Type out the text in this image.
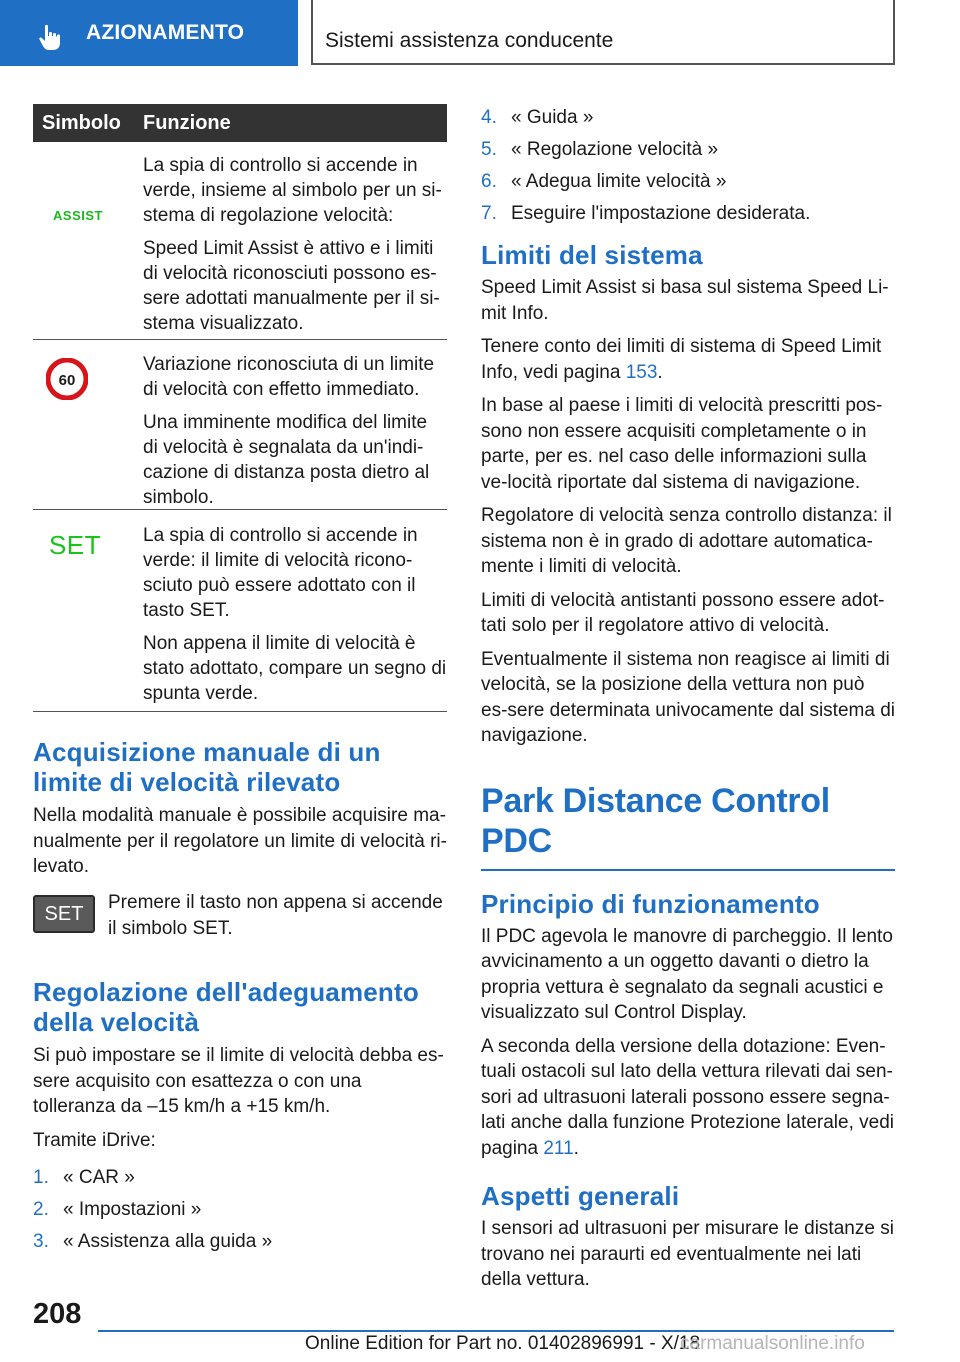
AZIONAMENTO	Sistemi assistenza conducente
Simbolo Funzione
ASSIST

La spia di controllo si accende in verde, insieme al simbolo per un si-stema di regolazione velocità:

Speed Limit Assist è attivo e i limiti di velocità riconosciuti possono es-sere adottati manualmente per il si-stema visualizzato.

60

Variazione riconosciuta di un limite di velocità con effetto immediato.

Una imminente modifica del limite di velocità è segnalata da un'indi-cazione di distanza posta dietro al simbolo.

SET	La spia di controllo si accende in verde: il limite di velocità ricono-sciuto può essere adottato con il tasto SET.

Non appena il limite di velocità è stato adottato, compare un segno di spunta verde.

Acquisizione manuale di un limite di velocità rilevato
Nella modalità manuale è possibile acquisire ma-nualmente per il regolatore un limite di velocità ri-levato.
SET
Premere il tasto non appena si accende il simbolo SET.
Regolazione dell'adeguamento della velocità
Si può impostare se il limite di velocità debba es-sere acquisito con esattezza o con una tolleranza da –15 km/h a +15 km/h.
Tramite iDrive:
1. « CAR »
2. « Impostazioni »
3. « Assistenza alla guida »
4. « Guida »
5. « Regolazione velocità »
6. « Adegua limite velocità »
7. Eseguire l'impostazione desiderata.
Limiti del sistema
Speed Limit Assist si basa sul sistema Speed Li-mit Info.
Tenere conto dei limiti di sistema di Speed Limit Info, vedi pagina 153.
In base al paese i limiti di velocità prescritti pos-sono non essere acquisiti completamente o in parte, per es. nel caso delle informazioni sulla ve-locità riportate dal sistema di navigazione.
Regolatore di velocità senza controllo distanza: il sistema non è in grado di adottare automatica-mente i limiti di velocità.
Limiti di velocità antistanti possono essere adot-tati solo per il regolatore attivo di velocità.
Eventualmente il sistema non reagisce ai limiti di velocità, se la posizione della vettura non può es-sere determinata univocamente dal sistema di navigazione.
Park Distance Control PDC
Principio di funzionamento
Il PDC agevola le manovre di parcheggio. Il lento avvicinamento a un oggetto davanti o dietro la propria vettura è segnalato da segnali acustici e visualizzato sul Control Display.
A seconda della versione della dotazione: Even-tuali ostacoli sul lato della vettura rilevati dai sen-sori ad ultrasuoni laterali possono essere segna-lati anche dalla funzione Protezione laterale, vedi pagina 211.
Aspetti generali
I sensori ad ultrasuoni per misurare le distanze si trovano nei paraurti ed eventualmente nei lati della vettura.
208
Online Edition for Part no. 01402896991 - X/18
carmanualsonline.info
